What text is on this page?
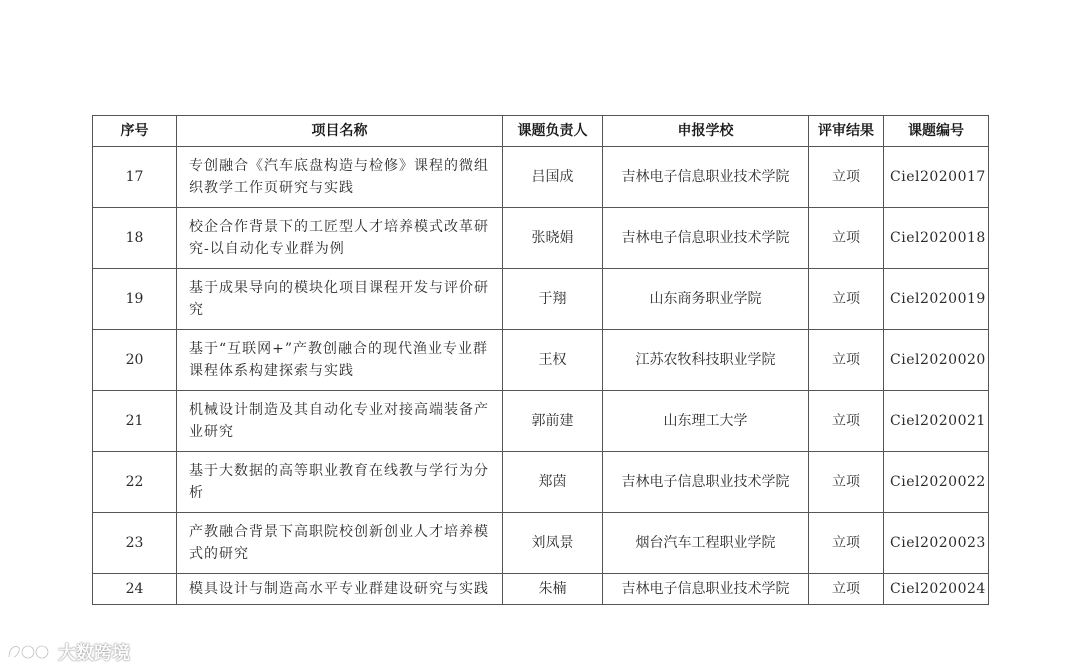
序号	项目名称	课题负责人	申报学校	评审结果	课题编号
17	专创融合《汽车底盘构造与检修》课程的微组织教学工作页研究与实践	吕国成	吉林电子信息职业技术学院	立项	Ciel2020017
18	校企合作背景下的工匠型人才培养模式改革研究-以自动化专业群为例	张晓娟	吉林电子信息职业技术学院	立项	Ciel2020018
19	基于成果导向的模块化项目课程开发与评价研究	于翔	山东商务职业学院	立项	Ciel2020019
20	基于“互联网+”产教创融合的现代渔业专业群课程体系构建探索与实践	王权	江苏农牧科技职业学院	立项	Ciel2020020
21	机械设计制造及其自动化专业对接高端装备产业研究	郭前建	山东理工大学	立项	Ciel2020021
22	基于大数据的高等职业教育在线教与学行为分析	郑茵	吉林电子信息职业技术学院	立项	Ciel2020022
23	产教融合背景下高职院校创新创业人才培养模式的研究	刘凤景	烟台汽车工程职业学院	立项	Ciel2020023
24	模具设计与制造高水平专业群建设研究与实践	朱楠	吉林电子信息职业技术学院	立项	Ciel2020024
大数跨境
